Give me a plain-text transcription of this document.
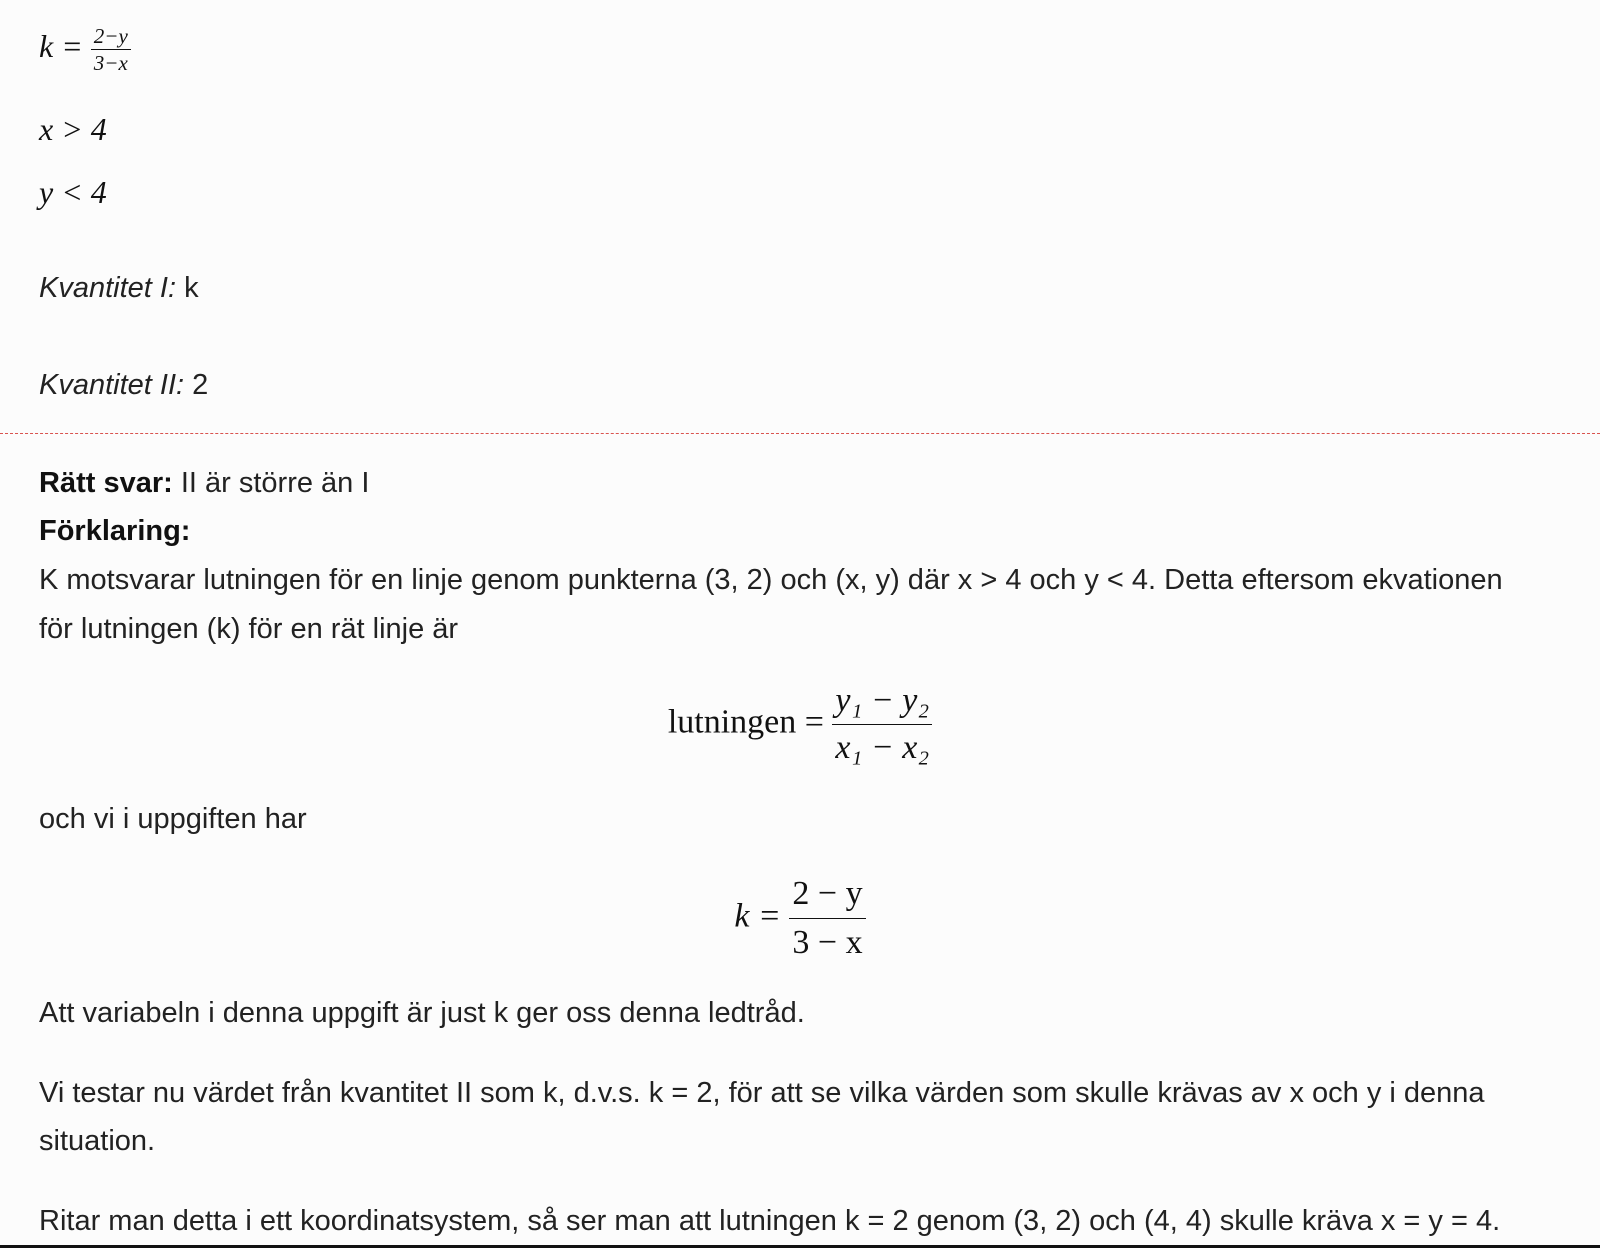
$k = \frac{2-y}{3-x}$
x > 4
y < 4
Kvantitet I: k
Kvantitet II: 2
Rätt svar: II är större än I
Förklaring:
K motsvarar lutningen för en linje genom punkterna (3, 2) och (x, y) där x > 4 och y < 4. Detta eftersom ekvationen
för lutningen (k) för en rät linje är
lutningen = $\frac{\text{y₁ − y₂}}{\text{x₁ − x₂}}$
och vi i uppgiften har
$k = \frac{2 - y}{3 - x}$
Att variabeln i denna uppgift är just k ger oss denna ledtråd.
Vi testar nu värdet från kvantitet II som k, d.v.s. k = 2, för att se vilka värden som skulle krävas av x och y i denna
situation.
Ritar man detta i ett koordinatsystem, så ser man att lutningen k = 2 genom (3, 2) och (4, 4) skulle kräva x = y = 4.
